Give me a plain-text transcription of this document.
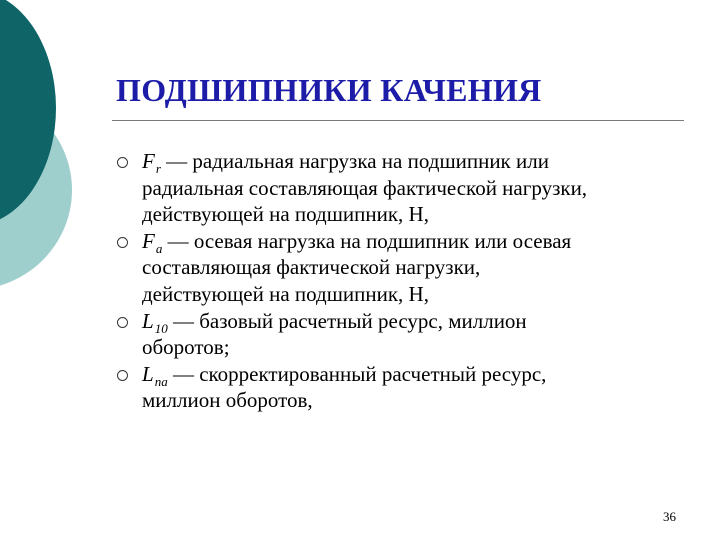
ПОДШИПНИКИ КАЧЕНИЯ
$F_r$ — радиальная нагрузка на подшипник или
радиальная составляющая фактической нагрузки,
действующей на подшипник, Н,
$F_a$ — осевая нагрузка на подшипник или осевая
составляющая фактической нагрузки,
действующей на подшипник, Н,
$L_{10}$ — базовый расчетный ресурс, миллион
оборотов;
$L_{na}$ — скорректированный расчетный ресурс,
миллион оборотов,
36
